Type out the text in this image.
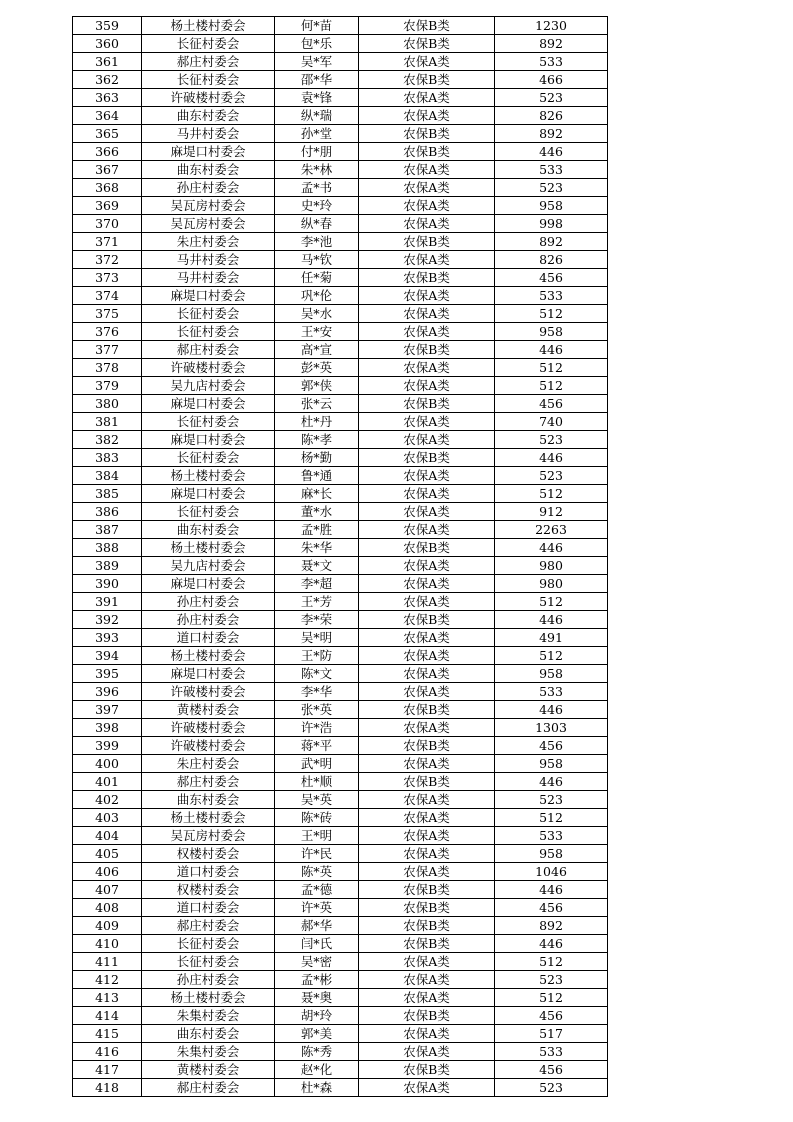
359	杨土楼村委会	何*苗	农保B类	1230
360	长征村委会	包*乐	农保B类	892
361	郝庄村委会	吴*军	农保A类	533
362	长征村委会	邵*华	农保B类	466
363	许破楼村委会	袁*锋	农保A类	523
364	曲东村委会	纵*瑞	农保A类	826
365	马井村委会	孙*堂	农保B类	892
366	麻堤口村委会	付*朋	农保B类	446
367	曲东村委会	朱*林	农保A类	533
368	孙庄村委会	孟*书	农保A类	523
369	吴瓦房村委会	史*玲	农保A类	958
370	吴瓦房村委会	纵*春	农保A类	998
371	朱庄村委会	李*池	农保B类	892
372	马井村委会	马*钦	农保A类	826
373	马井村委会	任*菊	农保B类	456
374	麻堤口村委会	巩*伦	农保A类	533
375	长征村委会	吴*水	农保A类	512
376	长征村委会	王*安	农保A类	958
377	郝庄村委会	高*宣	农保B类	446
378	许破楼村委会	彭*英	农保A类	512
379	吴九店村委会	郭*侠	农保A类	512
380	麻堤口村委会	张*云	农保B类	456
381	长征村委会	杜*丹	农保A类	740
382	麻堤口村委会	陈*孝	农保A类	523
383	长征村委会	杨*勤	农保B类	446
384	杨土楼村委会	鲁*通	农保A类	523
385	麻堤口村委会	麻*长	农保A类	512
386	长征村委会	董*水	农保A类	912
387	曲东村委会	孟*胜	农保A类	2263
388	杨土楼村委会	朱*华	农保B类	446
389	吴九店村委会	聂*文	农保A类	980
390	麻堤口村委会	李*超	农保A类	980
391	孙庄村委会	王*芳	农保A类	512
392	孙庄村委会	李*荣	农保B类	446
393	道口村委会	吴*明	农保A类	491
394	杨土楼村委会	王*防	农保A类	512
395	麻堤口村委会	陈*文	农保A类	958
396	许破楼村委会	李*华	农保A类	533
397	黄楼村委会	张*英	农保B类	446
398	许破楼村委会	许*浩	农保A类	1303
399	许破楼村委会	蒋*平	农保B类	456
400	朱庄村委会	武*明	农保A类	958
401	郝庄村委会	杜*顺	农保B类	446
402	曲东村委会	吴*英	农保A类	523
403	杨土楼村委会	陈*砖	农保A类	512
404	吴瓦房村委会	王*明	农保A类	533
405	权楼村委会	许*民	农保A类	958
406	道口村委会	陈*英	农保A类	1046
407	权楼村委会	孟*德	农保B类	446
408	道口村委会	许*英	农保B类	456
409	郝庄村委会	郝*华	农保B类	892
410	长征村委会	闫*氏	农保B类	446
411	长征村委会	吴*密	农保A类	512
412	孙庄村委会	孟*彬	农保A类	523
413	杨土楼村委会	聂*奥	农保A类	512
414	朱集村委会	胡*玲	农保B类	456
415	曲东村委会	郭*美	农保A类	517
416	朱集村委会	陈*秀	农保A类	533
417	黄楼村委会	赵*化	农保B类	456
418	郝庄村委会	杜*森	农保A类	523
